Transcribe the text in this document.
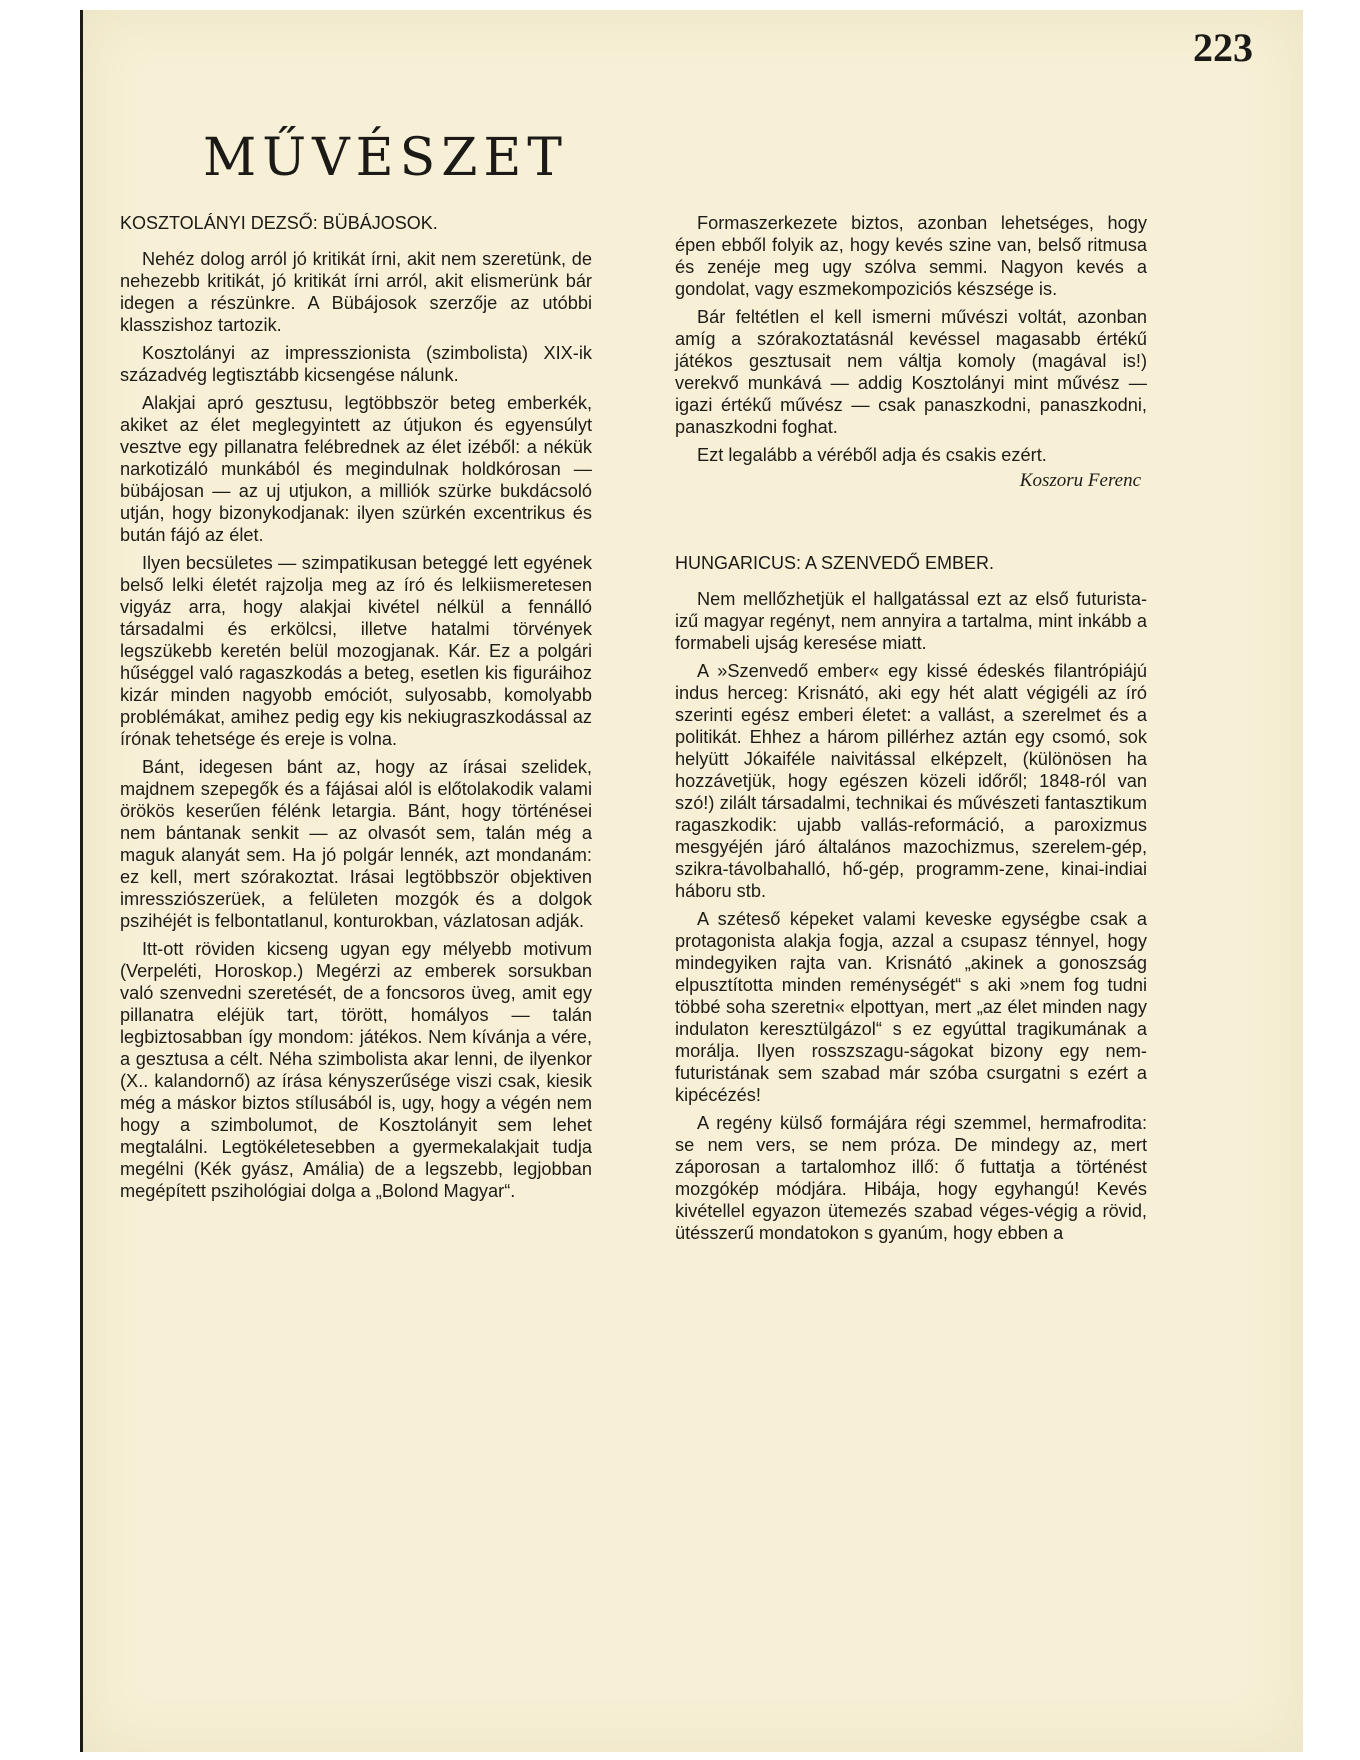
223
MŰVÉSZET
KOSZTOLÁNYI DEZSŐ: BÜBÁJOSOK.

Nehéz dolog arról jó kritikát írni, akit nem szeretünk, de nehezebb kritikát, jó kritikát írni arról, akit elismerünk bár idegen a részünkre. A Bübájosok szerzője az utóbbi klasszishoz tartozik.

Kosztolányi az impresszionista (szimbolista) XIX-ik századvég legtisztább kicsengése nálunk.

Alakjai apró gesztusu, legtöbbször beteg emberkék, akiket az élet meglegyintett az útjukon és egyensúlyt vesztve egy pillanatra felébrednek az élet izéből: a nékük narkotizáló munkából és megindulnak holdkórosan — bübájosan — az uj utjukon, a milliók szürke bukdácsoló utján, hogy bizonykodjanak: ilyen szürkén excentrikus és bután fájó az élet.

Ilyen becsületes — szimpatikusan beteggé lett egyének belső lelki életét rajzolja meg az író és lelkiismeretesen vigyáz arra, hogy alakjai kivétel nélkül a fennálló társadalmi és erkölcsi, illetve hatalmi törvények legszükebb keretén belül mozogjanak. Kár. Ez a polgári hűséggel való ragaszkodás a beteg, esetlen kis figuráihoz kizár minden nagyobb emóciót, sulyosabb, komolyabb problémákat, amihez pedig egy kis nekiugraszkodással az írónak tehetsége és ereje is volna.

Bánt, idegesen bánt az, hogy az írásai szelidek, majdnem szepegők és a fájásai alól is előtolakodik valami örökös keserűen félénk letargia. Bánt, hogy történései nem bántanak senkit — az olvasót sem, talán még a maguk alanyát sem. Ha jó polgár lennék, azt mondanám: ez kell, mert szórakoztat. Irásai legtöbbször objektiven imressziószerüek, a felületen mozgók és a dolgok pszihéjét is felbontatlanul, konturokban, vázlatosan adják.

Itt-ott röviden kicseng ugyan egy mélyebb motivum (Verpeléti, Horoskop.) Megérzi az emberek sorsukban való szenvedni szeretését, de a foncsoros üveg, amit egy pillanatra eléjük tart, törött, homályos — talán legbiztosabban így mondom: játékos. Nem kívánja a vére, a gesztusa a célt. Néha szimbolista akar lenni, de ilyenkor (X.. kalandornő) az írása kényszerűsége viszi csak, kiesik még a máskor biztos stílusából is, ugy, hogy a végén nem hogy a szimbolumot, de Kosztolányit sem lehet megtalálni. Legtökéletesebben a gyermekalakjait tudja megélni (Kék gyász, Amália) de a legszebb, legjobban megépített pszihológiai dolga a „Bolond Magyar“.

Formaszerkezete biztos, azonban lehetséges, hogy épen ebből folyik az, hogy kevés szine van, belső ritmusa és zenéje meg ugy szólva semmi. Nagyon kevés a gondolat, vagy eszmekompoziciós készsége is.

Bár feltétlen el kell ismerni művészi voltát, azonban amíg a szórakoztatásnál kevéssel magasabb értékű játékos gesztusait nem váltja komoly (magával is!) verekvő munkává — addig Kosztolányi mint művész — igazi értékű művész — csak panaszkodni, panaszkodni, panaszkodni foghat.

Ezt legalább a véréből adja és csakis ezért.

Koszoru Ferenc
HUNGARICUS: A SZENVEDŐ EMBER.

Nem mellőzhetjük el hallgatással ezt az első futurista-izű magyar regényt, nem annyira a tartalma, mint inkább a formabeli ujság keresése miatt.

A »Szenvedő ember« egy kissé édeskés filantrópiájú indus herceg: Krisnátó, aki egy hét alatt végigéli az író szerinti egész emberi életet: a vallást, a szerelmet és a politikát. Ehhez a három pillérhez aztán egy csomó, sok helyütt Jókaiféle naivitással elképzelt, (különösen ha hozzávetjük, hogy egészen közeli időről; 1848-ról van szó!) zilált társadalmi, technikai és művészeti fantasztikum ragaszkodik: ujabb vallás-reformáció, a paroxizmus mesgyéjén járó általános mazochizmus, szerelem-gép, szikra-távolbahalló, hő-gép, programm-zene, kinai-indiai háboru stb.

A széteső képeket valami keveske egységbe csak a protagonista alakja fogja, azzal a csupasz ténnyel, hogy mindegyiken rajta van. Krisnátó „akinek a gonoszság elpusztította minden reménységét“ s aki »nem fog tudni többé soha szeretni« elpottyan, mert „az élet minden nagy indulaton keresztülgázol“ s ez egyúttal tragikumának a morálja. Ilyen rosszszagu-ságokat bizony egy nem-futuristának sem szabad már szóba csurgatni s ezért a kipécézés!

A regény külső formájára régi szemmel, hermafrodita: se nem vers, se nem próza. De mindegy az, mert záporosan a tartalomhoz illő: ő futtatja a történést mozgókép módjára. Hibája, hogy egyhangú! Kevés kivétellel egyazon ütemezés szabad véges-végig a rövid, ütésszerű mondatokon s gyanúm, hogy ebben a
